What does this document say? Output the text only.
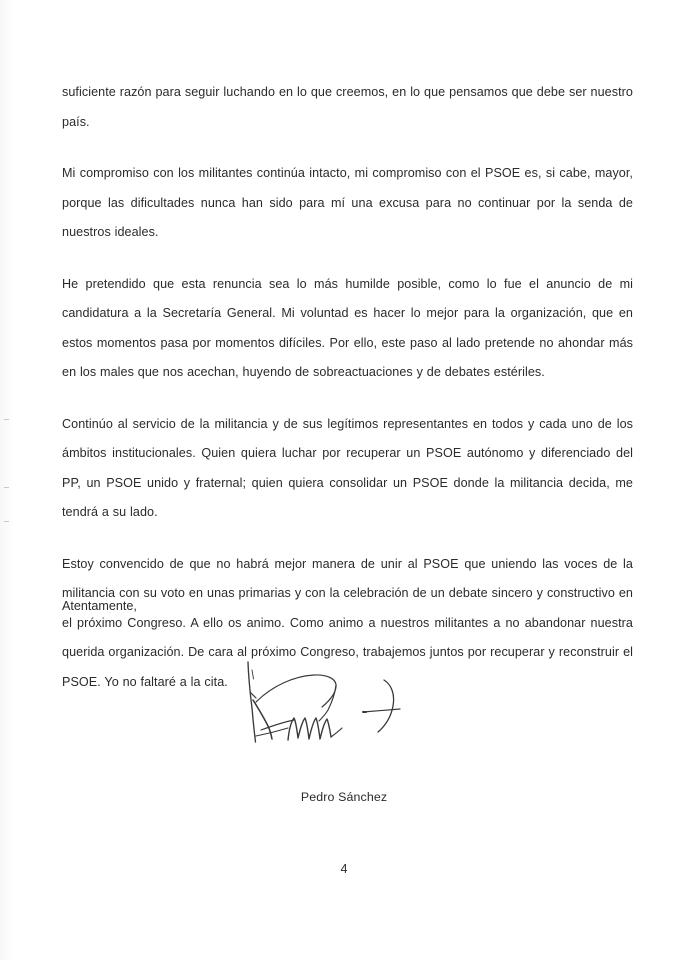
suficiente razón para seguir luchando en lo que creemos, en lo que pensamos que debe ser nuestro país.

Mi compromiso con los militantes continúa intacto, mi compromiso con el PSOE es, si cabe, mayor, porque las dificultades nunca han sido para mí una excusa para no continuar por la senda de nuestros ideales.

He pretendido que esta renuncia sea lo más humilde posible, como lo fue el anuncio de mi candidatura a la Secretaría General. Mi voluntad es hacer lo mejor para la organización, que en estos momentos pasa por momentos difíciles. Por ello, este paso al lado pretende no ahondar más en los males que nos acechan, huyendo de sobreactuaciones y de debates estériles.

Continúo al servicio de la militancia y de sus legítimos representantes en todos y cada uno de los ámbitos institucionales. Quien quiera luchar por recuperar un PSOE autónomo y diferenciado del PP, un PSOE unido y fraternal; quien quiera consolidar un PSOE donde la militancia decida, me tendrá a su lado.

Estoy convencido de que no habrá mejor manera de unir al PSOE que uniendo las voces de la militancia con su voto en unas primarias y con la celebración de un debate sincero y constructivo en el próximo Congreso. A ello os animo. Como animo a nuestros militantes a no abandonar nuestra querida organización. De cara al próximo Congreso, trabajemos juntos por recuperar y reconstruir el PSOE. Yo no faltaré a la cita.

Atentamente,
Pedro Sánchez
4
